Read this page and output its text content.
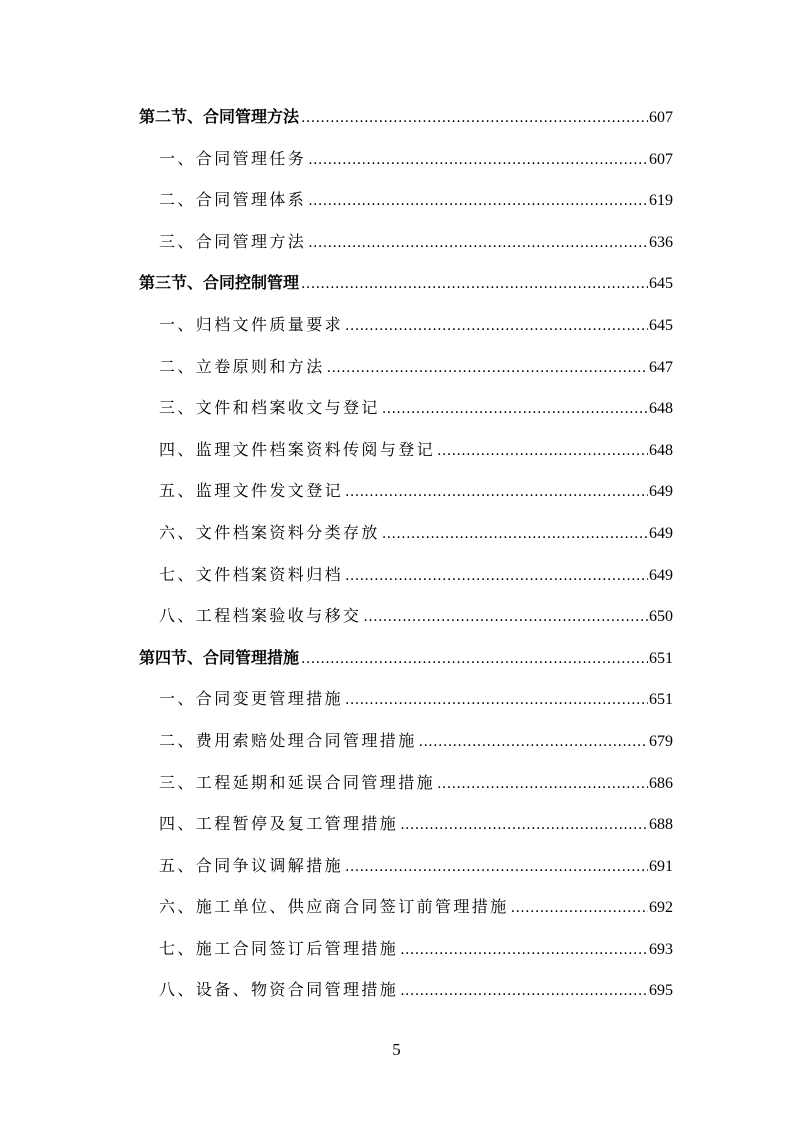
第二节、合同管理方法 .....	607
一、合同管理任务 .....	607
二、合同管理体系 .....	619
三、合同管理方法 .....	636
第三节、合同控制管理 .....	645
一、归档文件质量要求 .....	645
二、立卷原则和方法 .....	647
三、文件和档案收文与登记 .....	648
四、监理文件档案资料传阅与登记 .....	648
五、监理文件发文登记 .....	649
六、文件档案资料分类存放 .....	649
七、文件档案资料归档 .....	649
八、工程档案验收与移交 .....	650
第四节、合同管理措施 .....	651
一、合同变更管理措施 .....	651
二、费用索赔处理合同管理措施 .....	679
三、工程延期和延误合同管理措施 .....	686
四、工程暂停及复工管理措施 .....	688
五、合同争议调解措施 .....	691
六、施工单位、供应商合同签订前管理措施 .....	692
七、施工合同签订后管理措施 .....	693
八、设备、物资合同管理措施 .....	695
5
